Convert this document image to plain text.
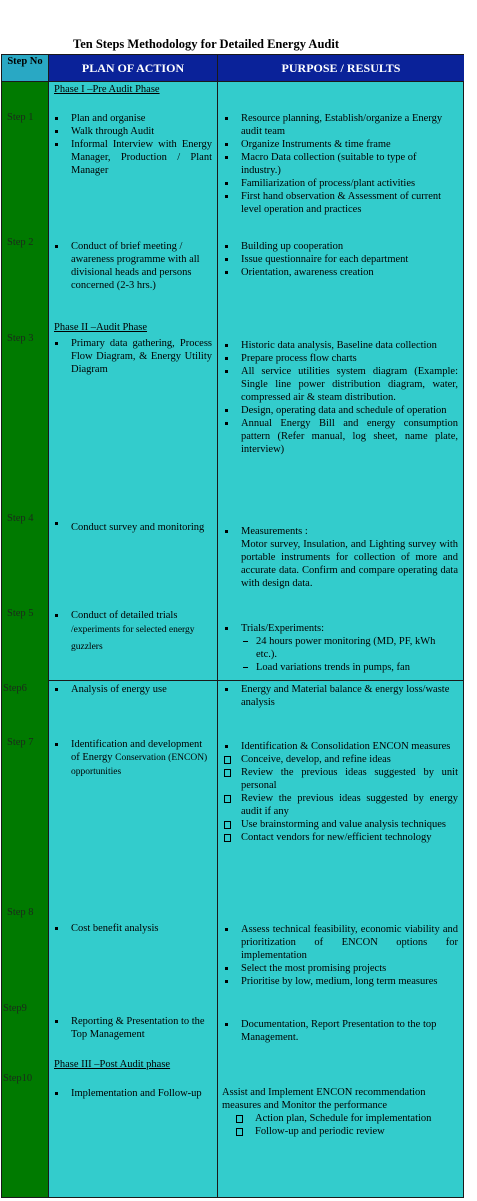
Ten Steps Methodology for Detailed Energy Audit
Step No	PLAN OF ACTION	PURPOSE / RESULTS
Step 1
Step 2
Step 3
Step 4
Step 5
Step6
Step 7
Step 8
Step9
Step10
Phase I –Pre Audit Phase
Plan and organise
Walk through Audit
Informal Interview with Energy Manager, Production / Plant Manager
Conduct of brief meeting / awareness programme with all divisional heads and persons concerned (2-3 hrs.)
Phase II –Audit Phase
Primary data gathering, Process Flow Diagram, & Energy Utility Diagram
Conduct survey and monitoring
Conduct of detailed trials
/experiments for selected energy guzzlers
Analysis of energy use
Identification and development of Energy Conservation (ENCON) opportunities
Cost benefit analysis
Reporting & Presentation to the Top Management
Phase III –Post Audit phase
Implementation and Follow-up
Resource planning, Establish/organize a Energy audit team
Organize Instruments & time frame
Macro Data collection (suitable to type of industry.)
Familiarization of process/plant activities
First hand observation & Assessment of current level operation and practices
Building up cooperation
Issue questionnaire for each department
Orientation, awareness creation
Historic data analysis, Baseline data collection
Prepare process flow charts
All service utilities system diagram (Example: Single line power distribution diagram, water, compressed air & steam distribution.
Design, operating data and schedule of operation
Annual Energy Bill and energy consumption pattern (Refer manual, log sheet, name plate, interview)
Measurements :
Motor survey, Insulation, and Lighting survey with portable instruments for collection of more and accurate data. Confirm and compare operating data with design data.
Trials/Experiments:
24 hours power monitoring (MD, PF, kWh etc.).
Load variations trends in pumps, fan
Energy and Material balance & energy loss/waste analysis
Identification & Consolidation ENCON measures
Conceive, develop, and refine ideas
Review the previous ideas suggested by unit personal
Review the previous ideas suggested by energy audit if any
Use brainstorming and value analysis techniques
Contact vendors for new/efficient technology
Assess technical feasibility, economic viability and prioritization of ENCON options for implementation
Select the most promising projects
Prioritise by low, medium, long term measures
Documentation, Report Presentation to the top Management.
Assist and Implement ENCON recommendation measures and Monitor the performance
Action plan, Schedule for implementation
Follow-up and periodic review
